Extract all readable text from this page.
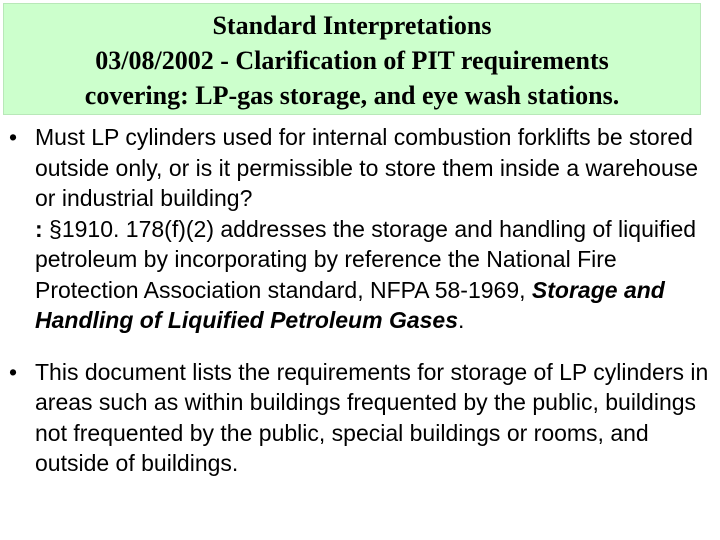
Standard Interpretations
03/08/2002 - Clarification of PIT requirements
covering: LP-gas storage, and eye wash stations.
• Must LP cylinders used for internal combustion forklifts be stored outside only, or is it permissible to store them inside a warehouse or industrial building?
: §1910. 178(f)(2) addresses the storage and handling of liquified petroleum by incorporating by reference the National Fire Protection Association standard, NFPA 58-1969, Storage and Handling of Liquified Petroleum Gases.
• This document lists the requirements for storage of LP cylinders in areas such as within buildings frequented by the public, buildings not frequented by the public, special buildings or rooms, and outside of buildings.
